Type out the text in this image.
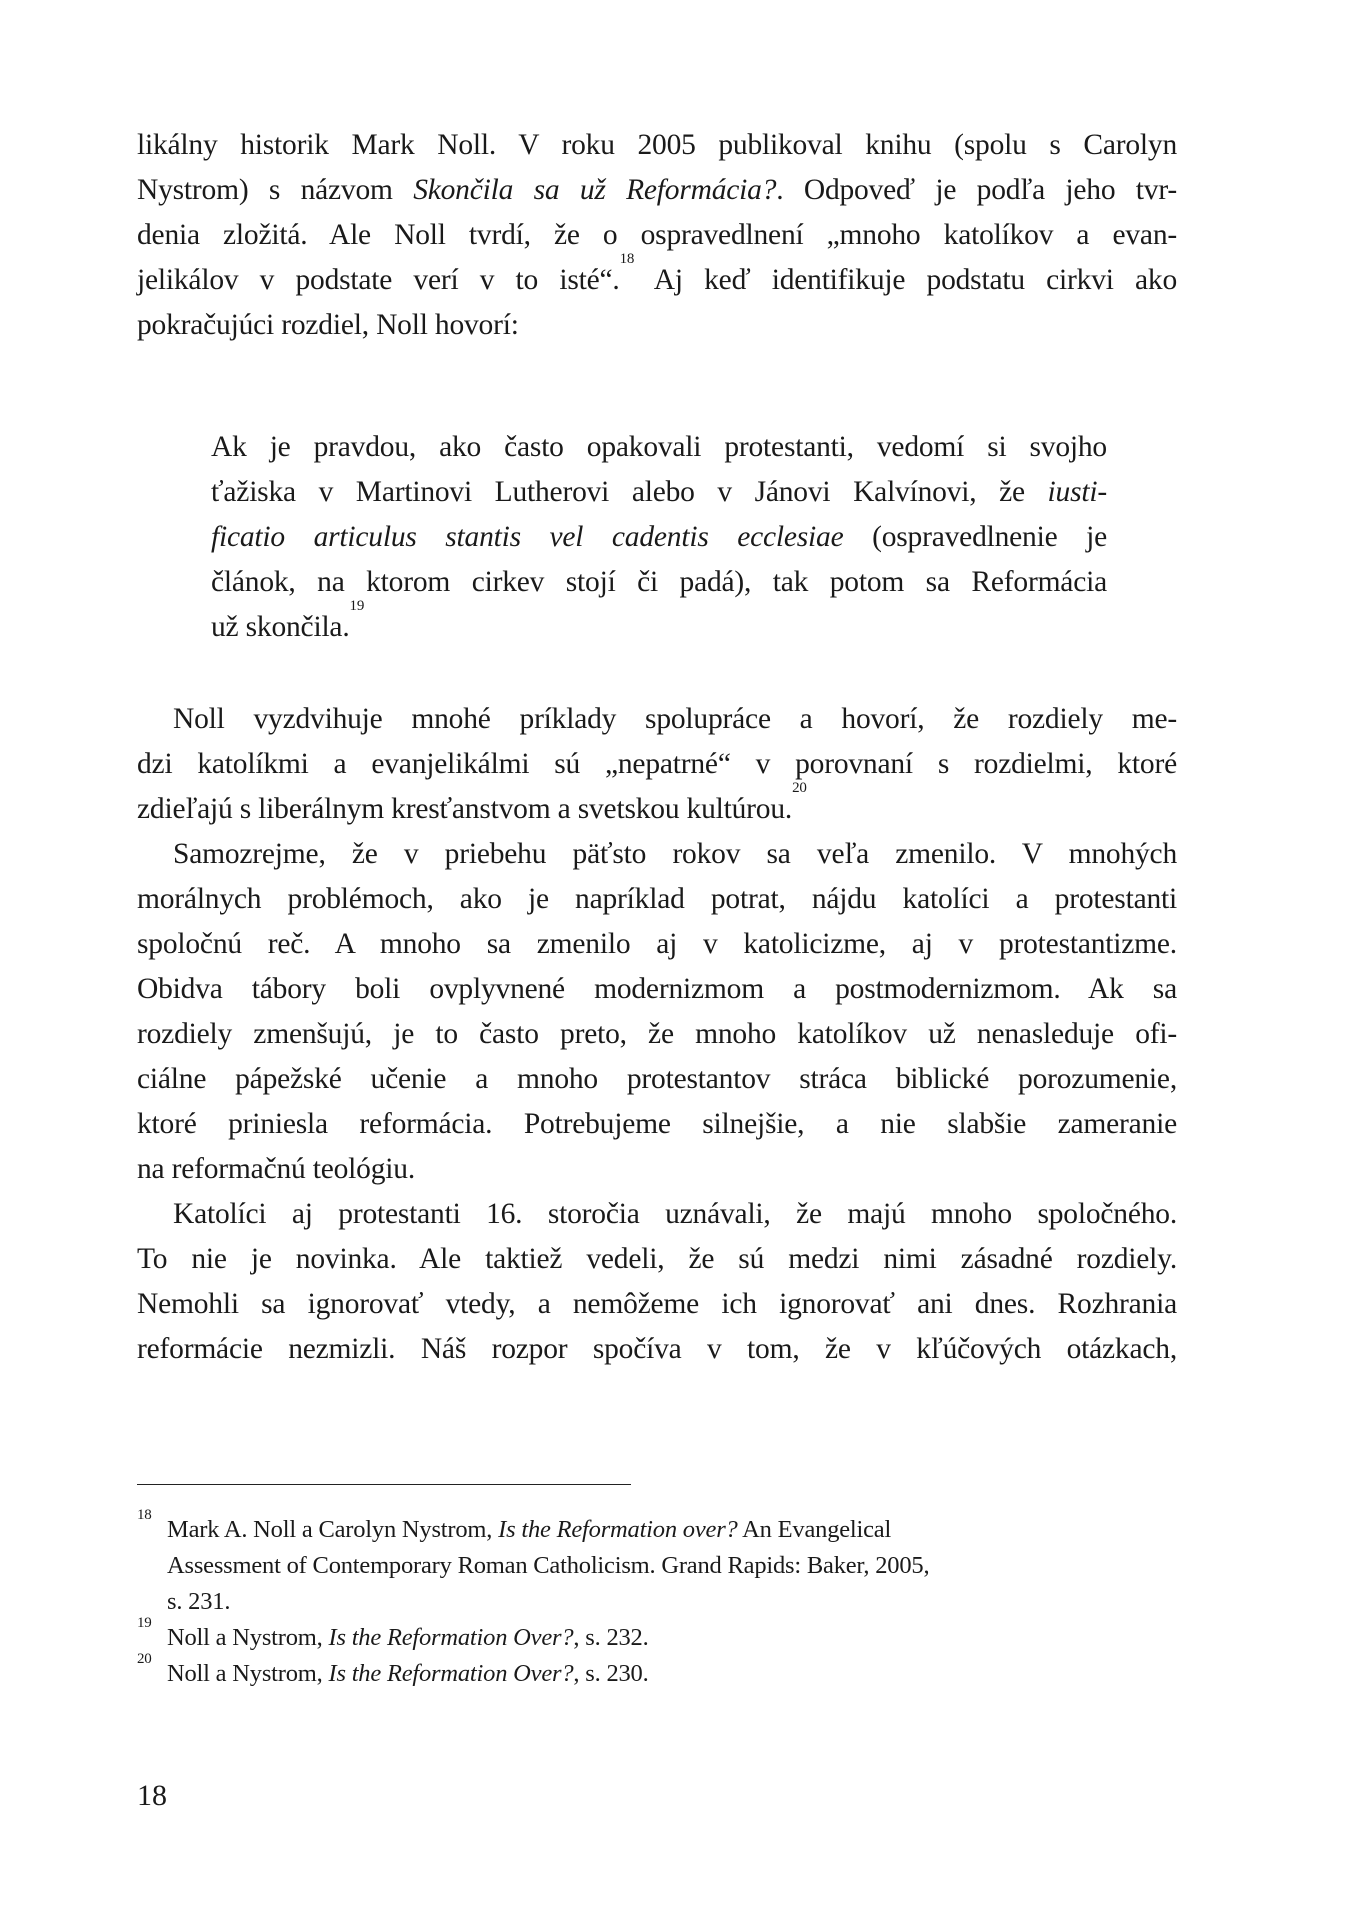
likálny historik Mark Noll. V roku 2005 publikoval knihu (spolu s Carolyn
Nystrom) s názvom Skončila sa už Reformácia?. Odpoveď je podľa jeho tvr-
denia zložitá. Ale Noll tvrdí, že o ospravedlnení „mnoho katolíkov a evan-
jelikálov v podstate verí v to isté“.$^{18}$ Aj keď identifikuje podstatu cirkvi ako
pokračujúci rozdiel, Noll hovorí:
Ak je pravdou, ako často opakovali protestanti, vedomí si svojho
ťažiska v Martinovi Lutherovi alebo v Jánovi Kalvínovi, že iusti-
ficatio articulus stantis vel cadentis ecclesiae (ospravedlnenie je
článok, na ktorom cirkev stojí či padá), tak potom sa Reformácia
už skončila.$^{19}$
Noll vyzdvihuje mnohé príklady spolupráce a hovorí, že rozdiely me-
dzi katolíkmi a evanjelikálmi sú „nepatrné“ v porovnaní s rozdielmi, ktoré
zdieľajú s liberálnym kresťanstvom a svetskou kultúrou.$^{20}$
Samozrejme, že v priebehu päťsto rokov sa veľa zmenilo. V mnohých
morálnych problémoch, ako je napríklad potrat, nájdu katolíci a protestanti
spoločnú reč. A mnoho sa zmenilo aj v katolicizme, aj v protestantizme.
Obidva tábory boli ovplyvnené modernizmom a postmodernizmom. Ak sa
rozdiely zmenšujú, je to často preto, že mnoho katolíkov už nenasleduje ofi-
ciálne pápežské učenie a mnoho protestantov stráca biblické porozumenie,
ktoré priniesla reformácia. Potrebujeme silnejšie, a nie slabšie zameranie
na reformačnú teológiu.
Katolíci aj protestanti 16. storočia uznávali, že majú mnoho spoločného.
To nie je novinka. Ale taktiež vedeli, že sú medzi nimi zásadné rozdiely.
Nemohli sa ignorovať vtedy, a nemôžeme ich ignorovať ani dnes. Rozhrania
reformácie nezmizli. Náš rozpor spočíva v tom, že v kľúčových otázkach,
18
Mark A. Noll a Carolyn Nystrom, Is the Reformation over? An Evangelical
Assessment of Contemporary Roman Catholicism. Grand Rapids: Baker, 2005,
s. 231.
19
Noll a Nystrom, Is the Reformation Over?, s. 232.
20
Noll a Nystrom, Is the Reformation Over?, s. 230.
18
